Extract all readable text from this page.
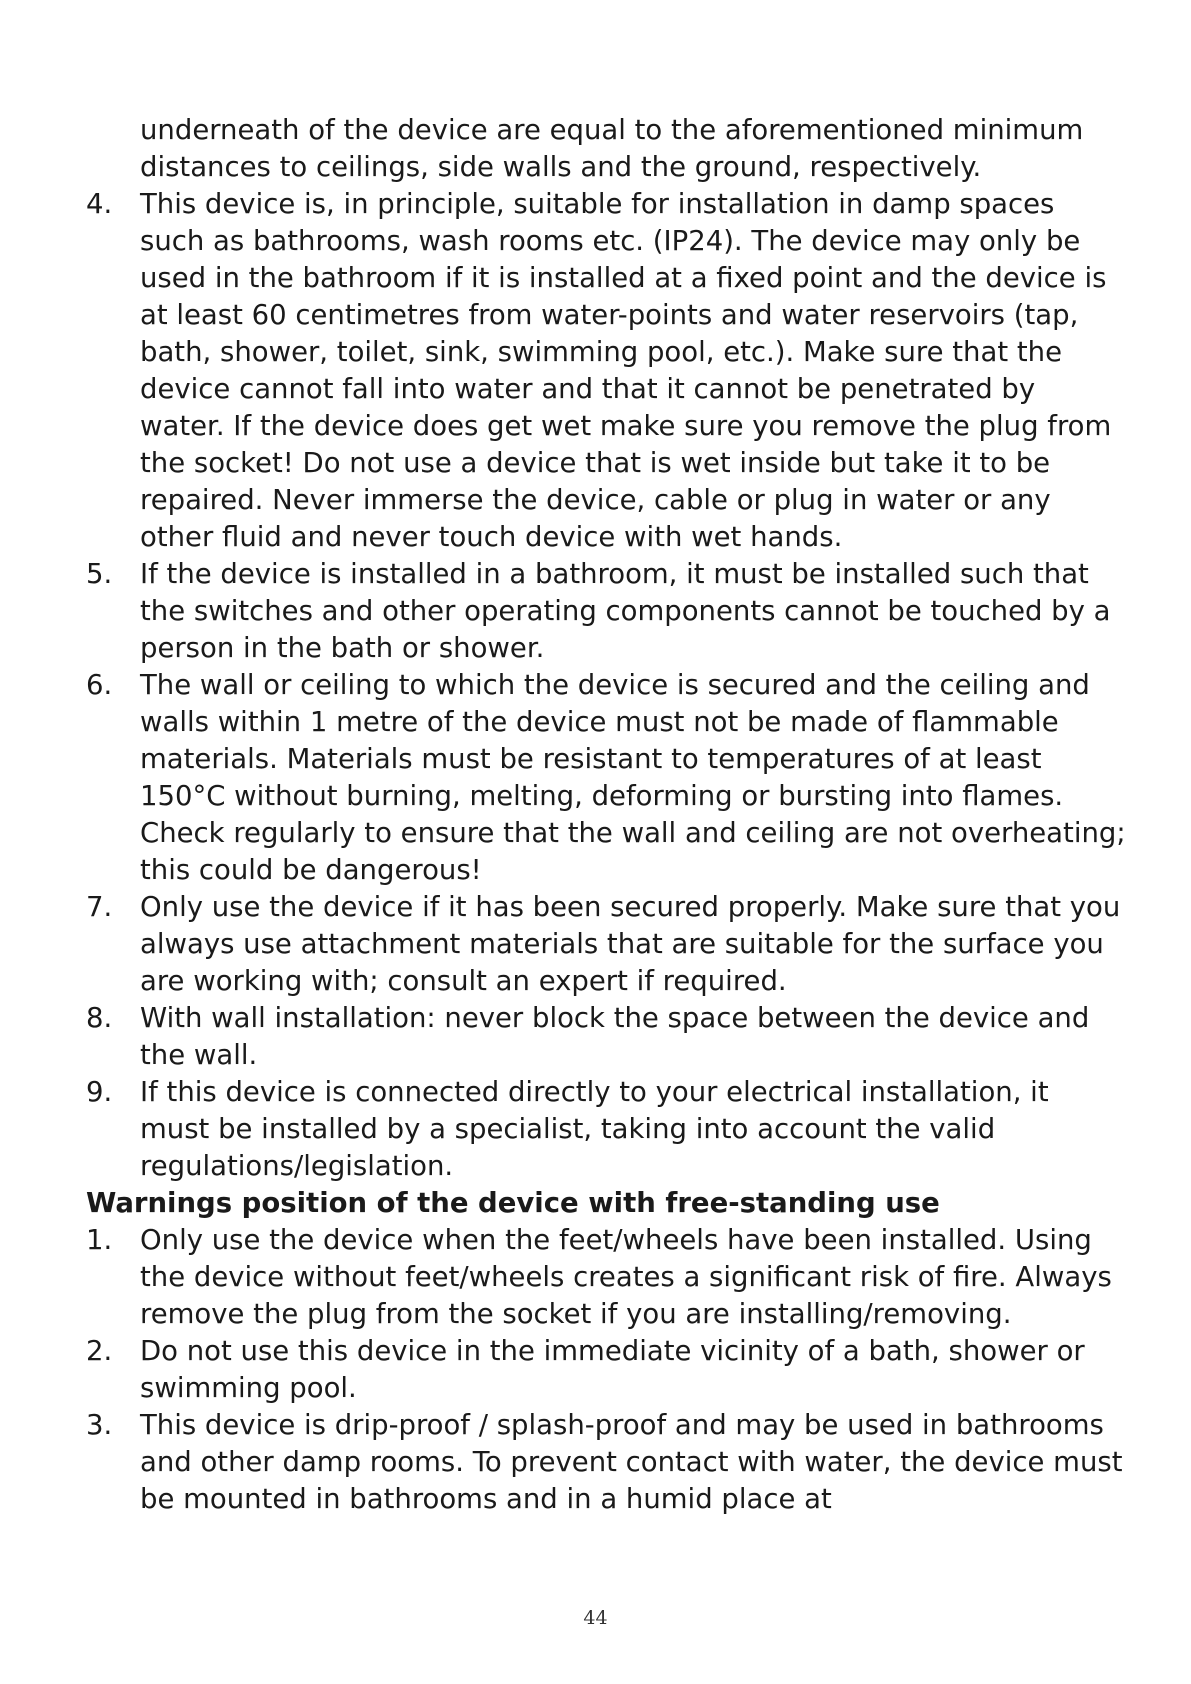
underneath of the device are equal to the aforementioned minimum distances to ceilings, side walls and the ground, respectively.
4.	This device is, in principle, suitable for installation in damp spaces such as bathrooms, wash rooms etc. (IP24). The device may only be used in the bathroom if it is installed at a fixed point and the device is at least 60 centimetres from water-points and water reservoirs (tap, bath, shower, toilet, sink, swimming pool, etc.). Make sure that the device cannot fall into water and that it cannot be penetrated by water. If the device does get wet make sure you remove the plug from the socket! Do not use a device that is wet inside but take it to be repaired. Never immerse the device, cable or plug in water or any other fluid and never touch device with wet hands.
5.	If the device is installed in a bathroom, it must be installed such that the switches and other operating components cannot be touched by a person in the bath or shower.
6.	The wall or ceiling to which the device is secured and the ceiling and walls within 1 metre of the device must not be made of flammable materials. Materials must be resistant to temperatures of at least 150°C without burning, melting, deforming or bursting into flames. Check regularly to ensure that the wall and ceiling are not overheating; this could be dangerous!
7.	Only use the device if it has been secured properly. Make sure that you always use attachment materials that are suitable for the surface you are working with; consult an expert if required.
8.	With wall installation: never block the space between the device and the wall.
9.	If this device is connected directly to your electrical installation, it must be installed by a specialist, taking into account the valid regulations/legislation.
Warnings position of the device with free-standing use
1.	Only use the device when the feet/wheels have been installed. Using the device without feet/wheels creates a significant risk of fire. Always remove the plug from the socket if you are installing/removing.
2.	Do not use this device in the immediate vicinity of a bath, shower or swimming pool.
3.	This device is drip-proof / splash-proof and may be used in bathrooms and other damp rooms. To prevent contact with water, the device must be mounted in bathrooms and in a humid place at
44
